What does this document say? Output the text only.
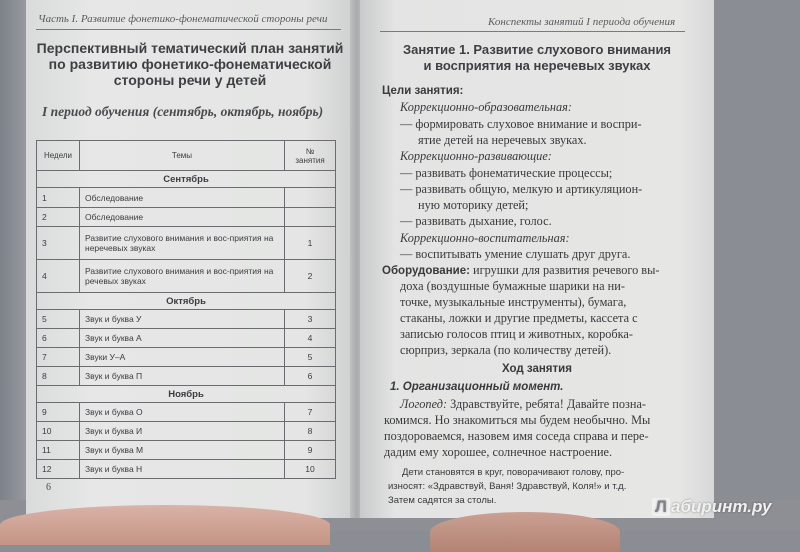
Часть I. Развитие фонетико-фонематической стороны речи
Перспективный тематический план занятий
по развитию фонетико-фонематической
стороны речи у детей
I период обучения (сентябрь, октябрь, ноябрь)
Недели	Темы	№ занятия
Сентябрь		
1	Обследование	
2	Обследование	
3	Развитие слухового внимания и вос-приятия на неречевых звуках	1
4	Развитие слухового внимания и вос-приятия на речевых звуках	2
Октябрь		
5	Звук и буква У	3
6	Звук и буква А	4
7	Звуки У–А	5
8	Звук и буква П	6
Ноябрь		
9	Звук и буква О	7
10	Звук и буква И	8
11	Звук и буква М	9
12	Звук и буква Н	10
6
Конспекты занятий I периода обучения
Занятие 1. Развитие слухового внимания
и восприятия на неречевых звуках
Цели занятия:
Коррекционно-образовательная:
— формировать слуховое внимание и воспри-
ятие детей на неречевых звуках.
Коррекционно-развивающие:
— развивать фонематические процессы;
— развивать общую, мелкую и артикуляцион-
ную моторику детей;
— развивать дыхание, голос.
Коррекционно-воспитательная:
— воспитывать умение слушать друг друга.
Оборудование: игрушки для развития речевого вы-
доха (воздушные бумажные шарики на ни-
точке, музыкальные инструменты), бумага,
стаканы, ложки и другие предметы, кассета с
записью голосов птиц и животных, коробка-
сюрприз, зеркала (по количеству детей).
Ход занятия
1. Организационный момент.
Логопед: Здравствуйте, ребята! Давайте позна-
комимся. Но знакомиться мы будем необычно. Мы
поздороваемся, назовем имя соседа справа и пере-
дадим ему хорошее, солнечное настроение.
Дети становятся в круг, поворачивают голову, про-
износят: «Здравствуй, Ваня! Здравствуй, Коля!» и т.д.
Затем садятся за столы.	Л абиринт.ру
